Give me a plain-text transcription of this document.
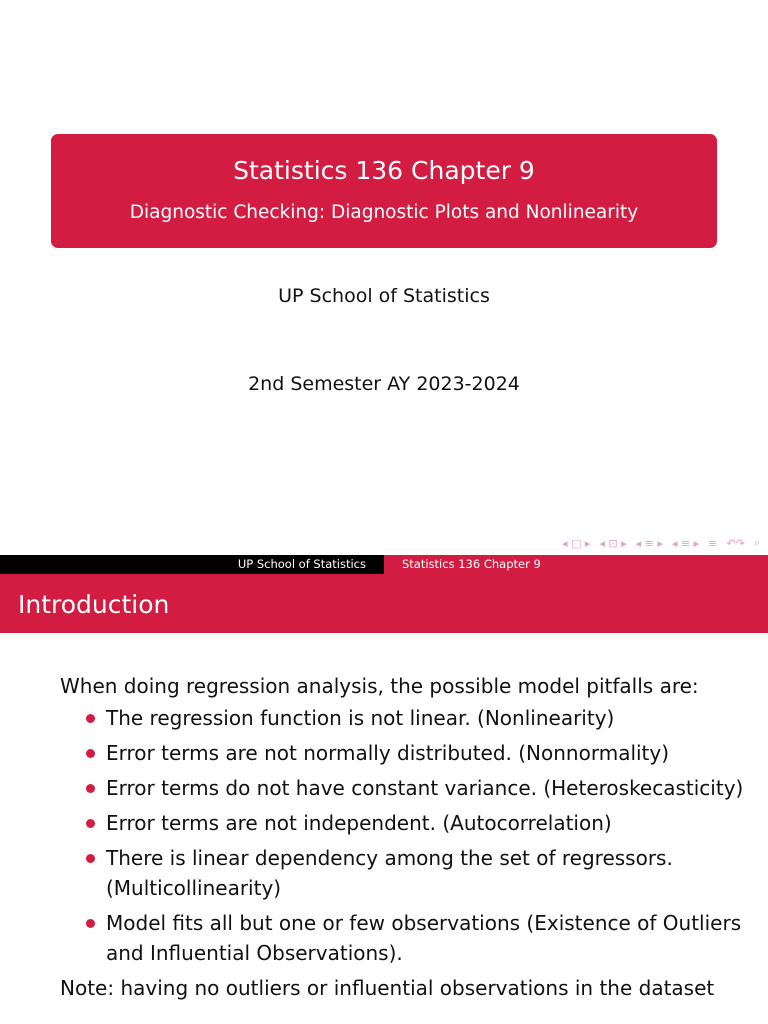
Statistics 136 Chapter 9
Diagnostic Checking: Diagnostic Plots and Nonlinearity
UP School of Statistics
2nd Semester AY 2023-2024
◂ □ ▸ ◂ ⊡ ▸ ◂ ≡ ▸ ◂ ≡ ▸ ≡ ↶↷ ⌕
UP School of Statistics	Statistics 136 Chapter 9
Introduction
When doing regression analysis, the possible model pitfalls are:
The regression function is not linear. (Nonlinearity)
Error terms are not normally distributed. (Nonnormality)
Error terms do not have constant variance. (Heteroskecasticity)
Error terms are not independent. (Autocorrelation)
There is linear dependency among the set of regressors. (Multicollinearity)
Model fits all but one or few observations (Existence of Outliers and Influential Observations).
Note: having no outliers or influential observations in the dataset
